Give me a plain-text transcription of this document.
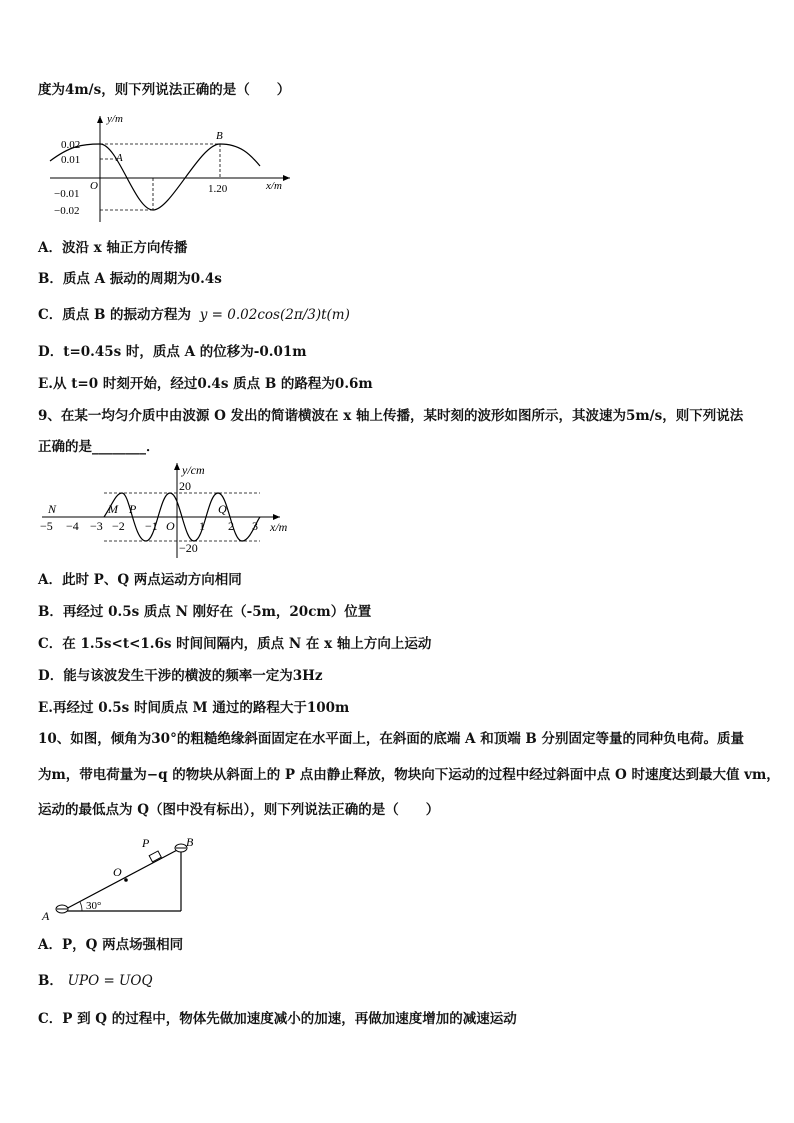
度为4m/s，则下列说法正确的是（　　）
y/m
x/m
0.02
0.01
−0.01
−0.02
O	1.20
A
B
A．波沿 x 轴正方向传播
B．质点 A 振动的周期为0.4s
C．质点 B 的振动方程为 y = 0.02cos(2π/3)t(m)
D．t=0.45s 时，质点 A 的位移为-0.01m
E.从 t=0 时刻开始，经过0.4s 质点 B 的路程为0.6m
9、在某一均匀介质中由波源 O 发出的简谐横波在 x 轴上传播，某时刻的波形如图所示，其波速为5m/s，则下列说法
正确的是________．
y/cm
x/m
20
−20
−5 −4 −3 −2 −1 O 1 2 3
N	M P	Q
A．此时 P、Q 两点运动方向相同
B．再经过 0.5s 质点 N 刚好在（-5m，20cm）位置
C．在 1.5s<t<1.6s 时间间隔内，质点 N 在 x 轴上方向上运动
D．能与该波发生干涉的横波的频率一定为3Hz
E.再经过 0.5s 时间质点 M 通过的路程大于100m
10、如图，倾角为30°的粗糙绝缘斜面固定在水平面上，在斜面的底端 A 和顶端 B 分别固定等量的同种负电荷。质量
为m，带电荷量为−q 的物块从斜面上的 P 点由静止释放，物块向下运动的过程中经过斜面中点 O 时速度达到最大值 vm，
运动的最低点为 Q（图中没有标出），则下列说法正确的是（　　）
A
B
P
O
30°
A．P，Q 两点场强相同
B． UPO = UOQ
C．P 到 Q 的过程中，物体先做加速度减小的加速，再做加速度增加的减速运动
